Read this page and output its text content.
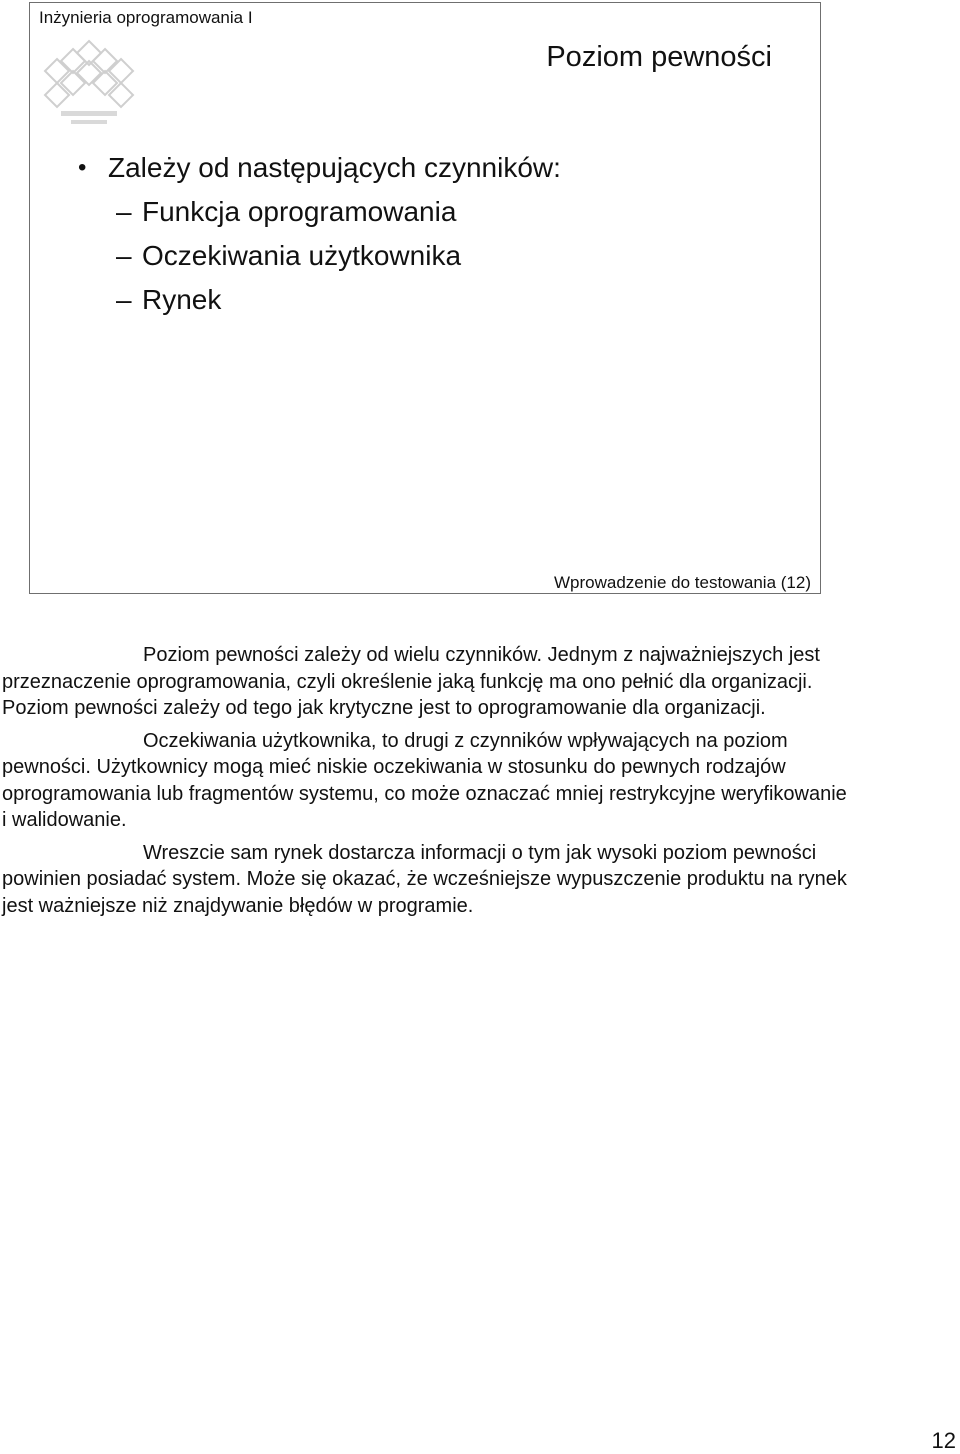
Inżynieria oprogramowania I
Poziom pewności
• Zależy od następujących czynników:
– Funkcja oprogramowania
– Oczekiwania użytkownika
– Rynek
Wprowadzenie do testowania (12)

Poziom pewności zależy od wielu czynników. Jednym z najważniejszych jest przeznaczenie oprogramowania, czyli określenie jaką funkcję ma ono pełnić dla organizacji. Poziom pewności zależy od tego jak krytyczne jest to oprogramowanie dla organizacji.

Oczekiwania użytkownika, to drugi z czynników wpływających na poziom pewności. Użytkownicy mogą mieć niskie oczekiwania w stosunku do pewnych rodzajów oprogramowania lub fragmentów systemu, co może oznaczać mniej restrykcyjne weryfikowanie i walidowanie.

Wreszcie sam rynek dostarcza informacji o tym jak wysoki poziom pewności powinien posiadać system. Może się okazać, że wcześniejsze wypuszczenie produktu na rynek jest ważniejsze niż znajdywanie błędów w programie.

12
